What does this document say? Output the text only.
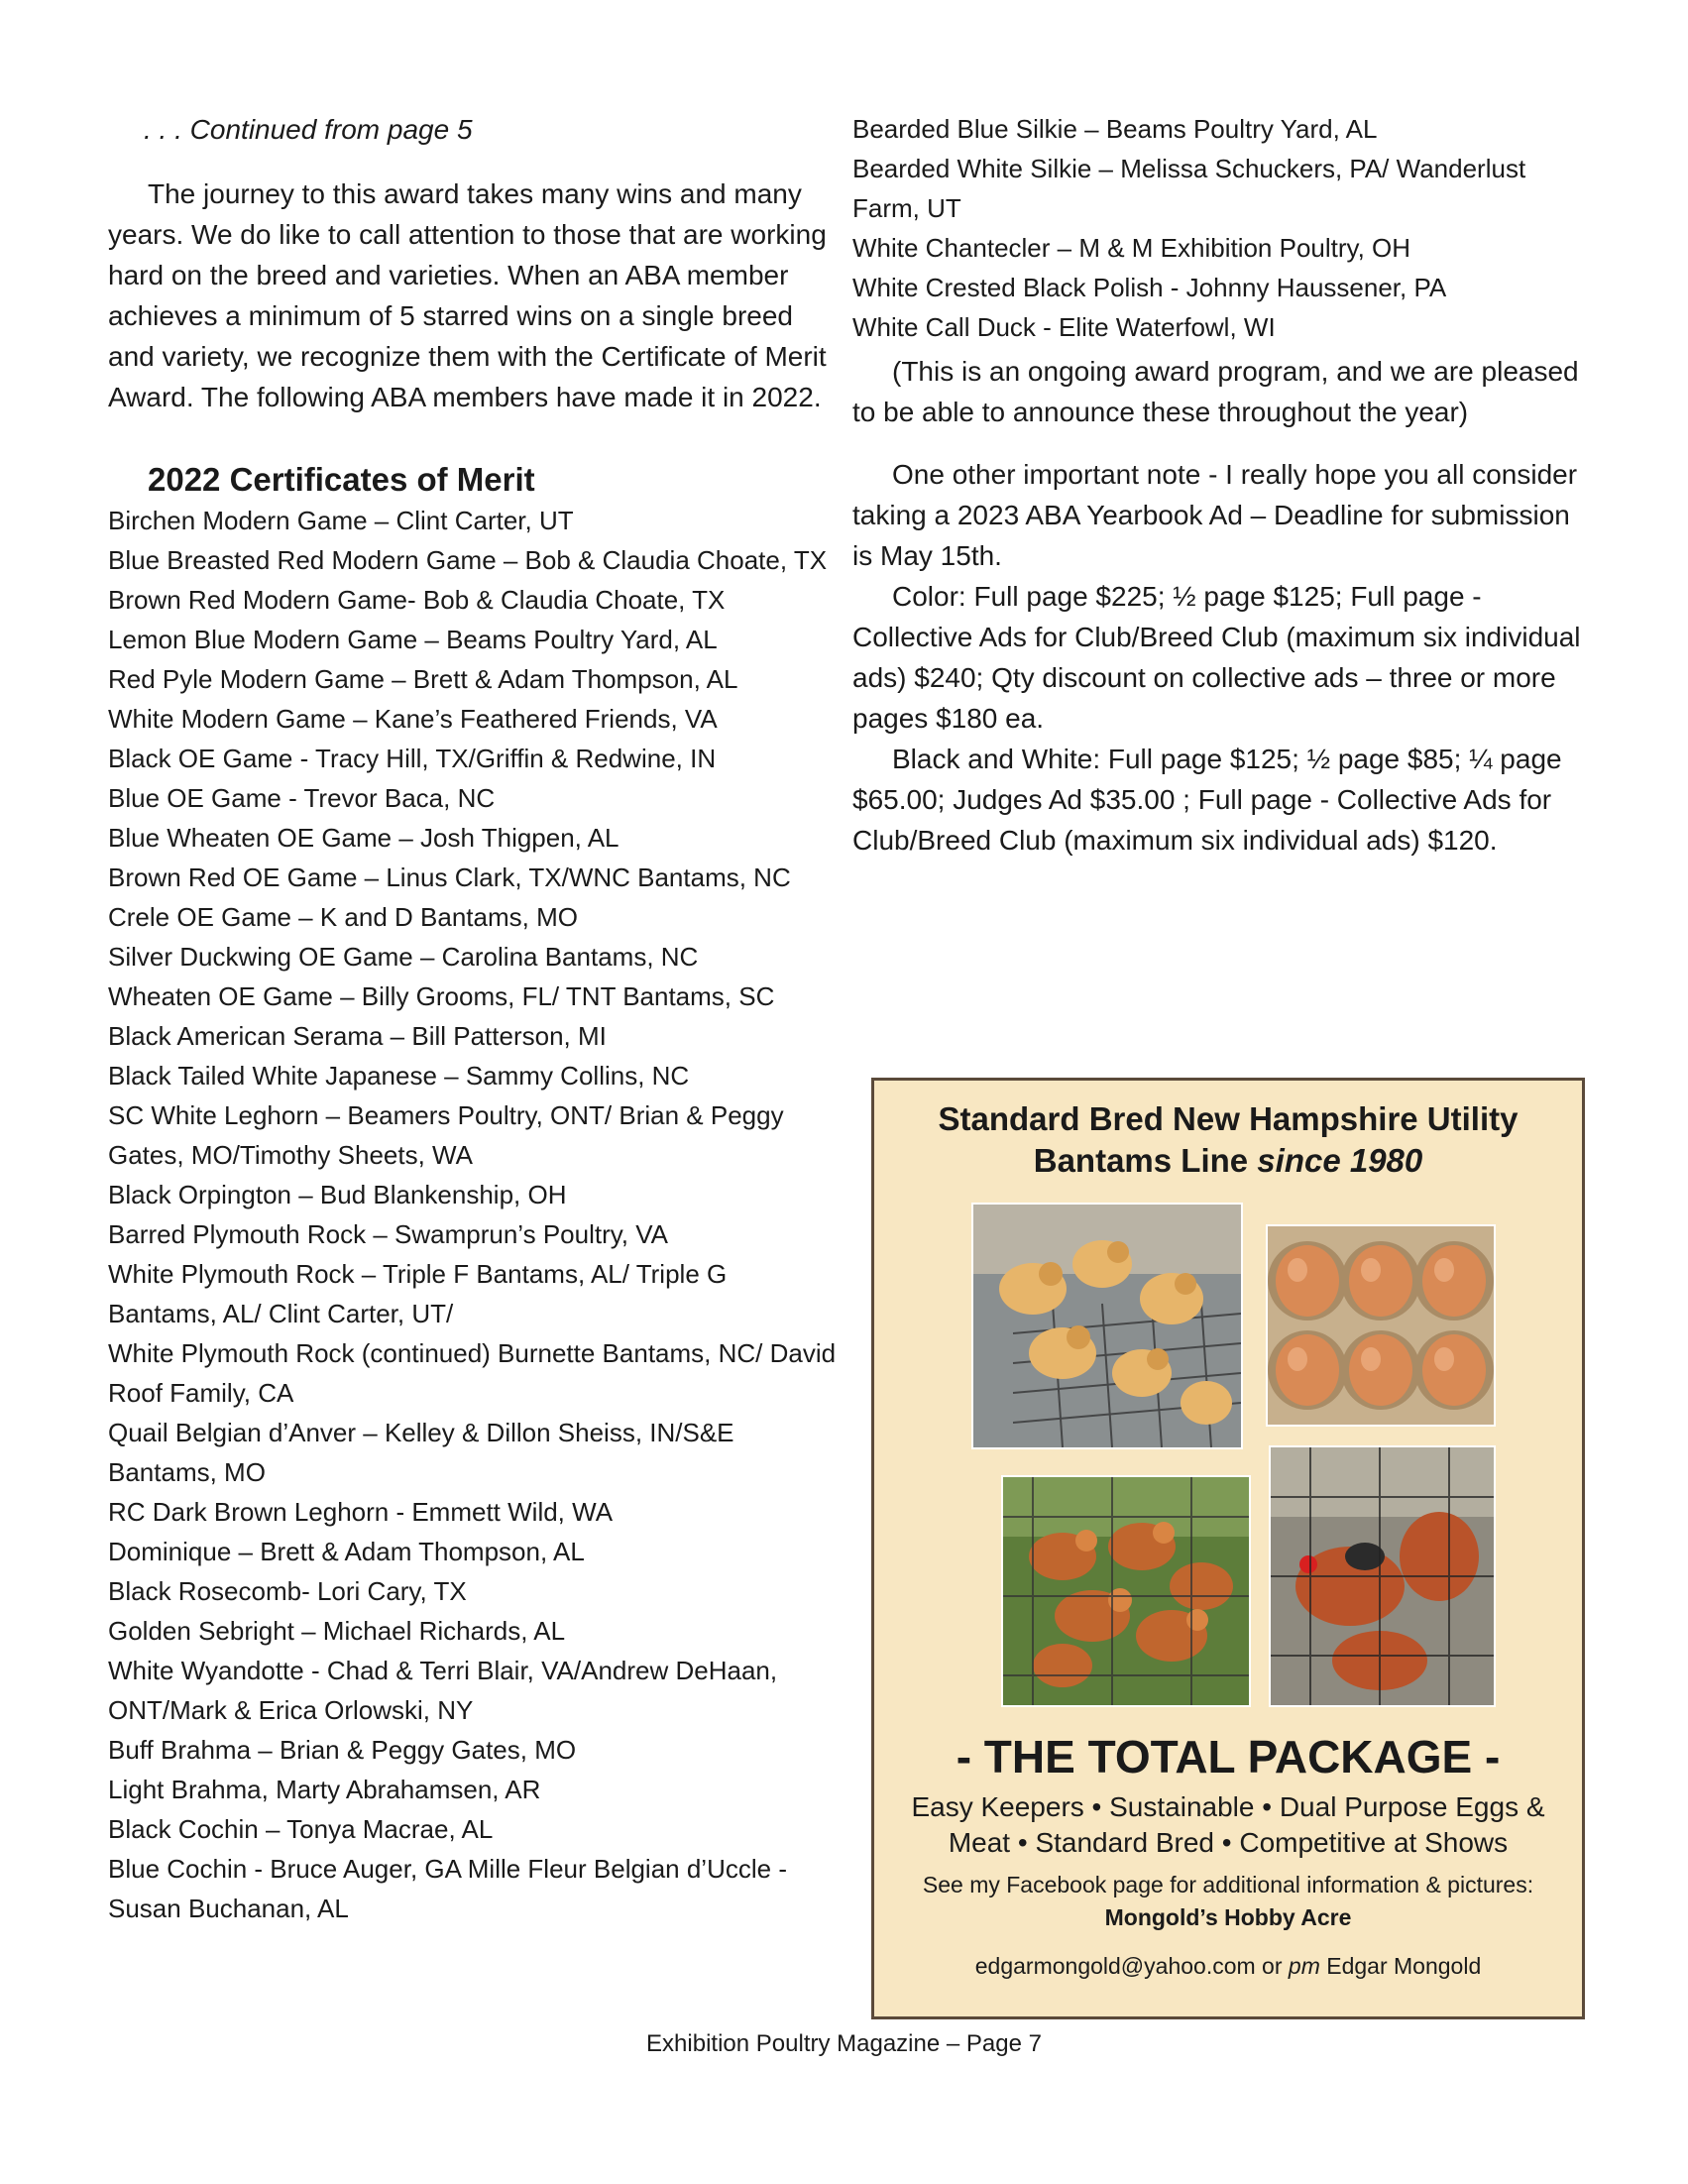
. . . Continued from page 5

The journey to this award takes many wins and many years. We do like to call attention to those that are working hard on the breed and varieties. When an ABA member achieves a minimum of 5 starred wins on a single breed and variety, we recognize them with the Certificate of Merit Award. The following ABA members have made it in 2022.

2022 Certificates of Merit
Birchen Modern Game – Clint Carter, UT
Blue Breasted Red Modern Game – Bob & Claudia Choate, TX
Brown Red Modern Game- Bob & Claudia Choate, TX
Lemon Blue Modern Game – Beams Poultry Yard, AL
Red Pyle Modern Game – Brett & Adam Thompson, AL
White Modern Game – Kane’s Feathered Friends, VA
Black OE Game - Tracy Hill, TX/Griffin & Redwine, IN
Blue OE Game - Trevor Baca, NC
Blue Wheaten OE Game – Josh Thigpen, AL
Brown Red OE Game – Linus Clark, TX/WNC Bantams, NC
Crele OE Game – K and D Bantams, MO
Silver Duckwing OE Game – Carolina Bantams, NC
Wheaten OE Game – Billy Grooms, FL/ TNT Bantams, SC
Black American Serama – Bill Patterson, MI
Black Tailed White Japanese – Sammy Collins, NC
SC White Leghorn – Beamers Poultry, ONT/ Brian & Peggy Gates, MO/Timothy Sheets, WA
Black Orpington – Bud Blankenship, OH
Barred Plymouth Rock – Swamprun’s Poultry, VA
White Plymouth Rock – Triple F Bantams, AL/ Triple G Bantams, AL/ Clint Carter, UT/
White Plymouth Rock (continued) Burnette Bantams, NC/ David Roof Family, CA
Quail Belgian d’Anver – Kelley & Dillon Sheiss, IN/S&E Bantams, MO
RC Dark Brown Leghorn - Emmett Wild, WA
Dominique – Brett & Adam Thompson, AL
Black Rosecomb- Lori Cary, TX
Golden Sebright – Michael Richards, AL
White Wyandotte - Chad & Terri Blair, VA/Andrew DeHaan, ONT/Mark & Erica Orlowski, NY
Buff Brahma – Brian & Peggy Gates, MO
Light Brahma, Marty Abrahamsen, AR
Black Cochin – Tonya Macrae, AL
Blue Cochin - Bruce Auger, GA Mille Fleur Belgian d’Uccle - Susan Buchanan, AL
Bearded Blue Silkie – Beams Poultry Yard, AL
Bearded White Silkie – Melissa Schuckers, PA/ Wanderlust Farm, UT
White Chantecler – M & M Exhibition Poultry, OH
White Crested Black Polish - Johnny Haussener, PA
White Call Duck - Elite Waterfowl, WI

(This is an ongoing award program, and we are pleased to be able to announce these throughout the year)

One other important note - I really hope you all consider taking a 2023 ABA Yearbook Ad – Deadline for submission is May 15th.

Color: Full page $225; ½ page $125; Full page - Collective Ads for Club/Breed Club (maximum six individual ads) $240; Qty discount on collective ads – three or more pages $180 ea.

Black and White: Full page $125; ½ page $85; ¼ page $65.00; Judges Ad $35.00 ; Full page - Collective Ads for Club/Breed Club (maximum six individual ads) $120.

Standard Bred New Hampshire Utility
Bantams Line since 1980
- THE TOTAL PACKAGE -
Easy Keepers • Sustainable • Dual Purpose Eggs &
Meat • Standard Bred • Competitive at Shows
See my Facebook page for additional information & pictures: Mongold’s Hobby Acre
edgarmongold@yahoo.com or pm Edgar Mongold
Exhibition Poultry Magazine – Page 7
